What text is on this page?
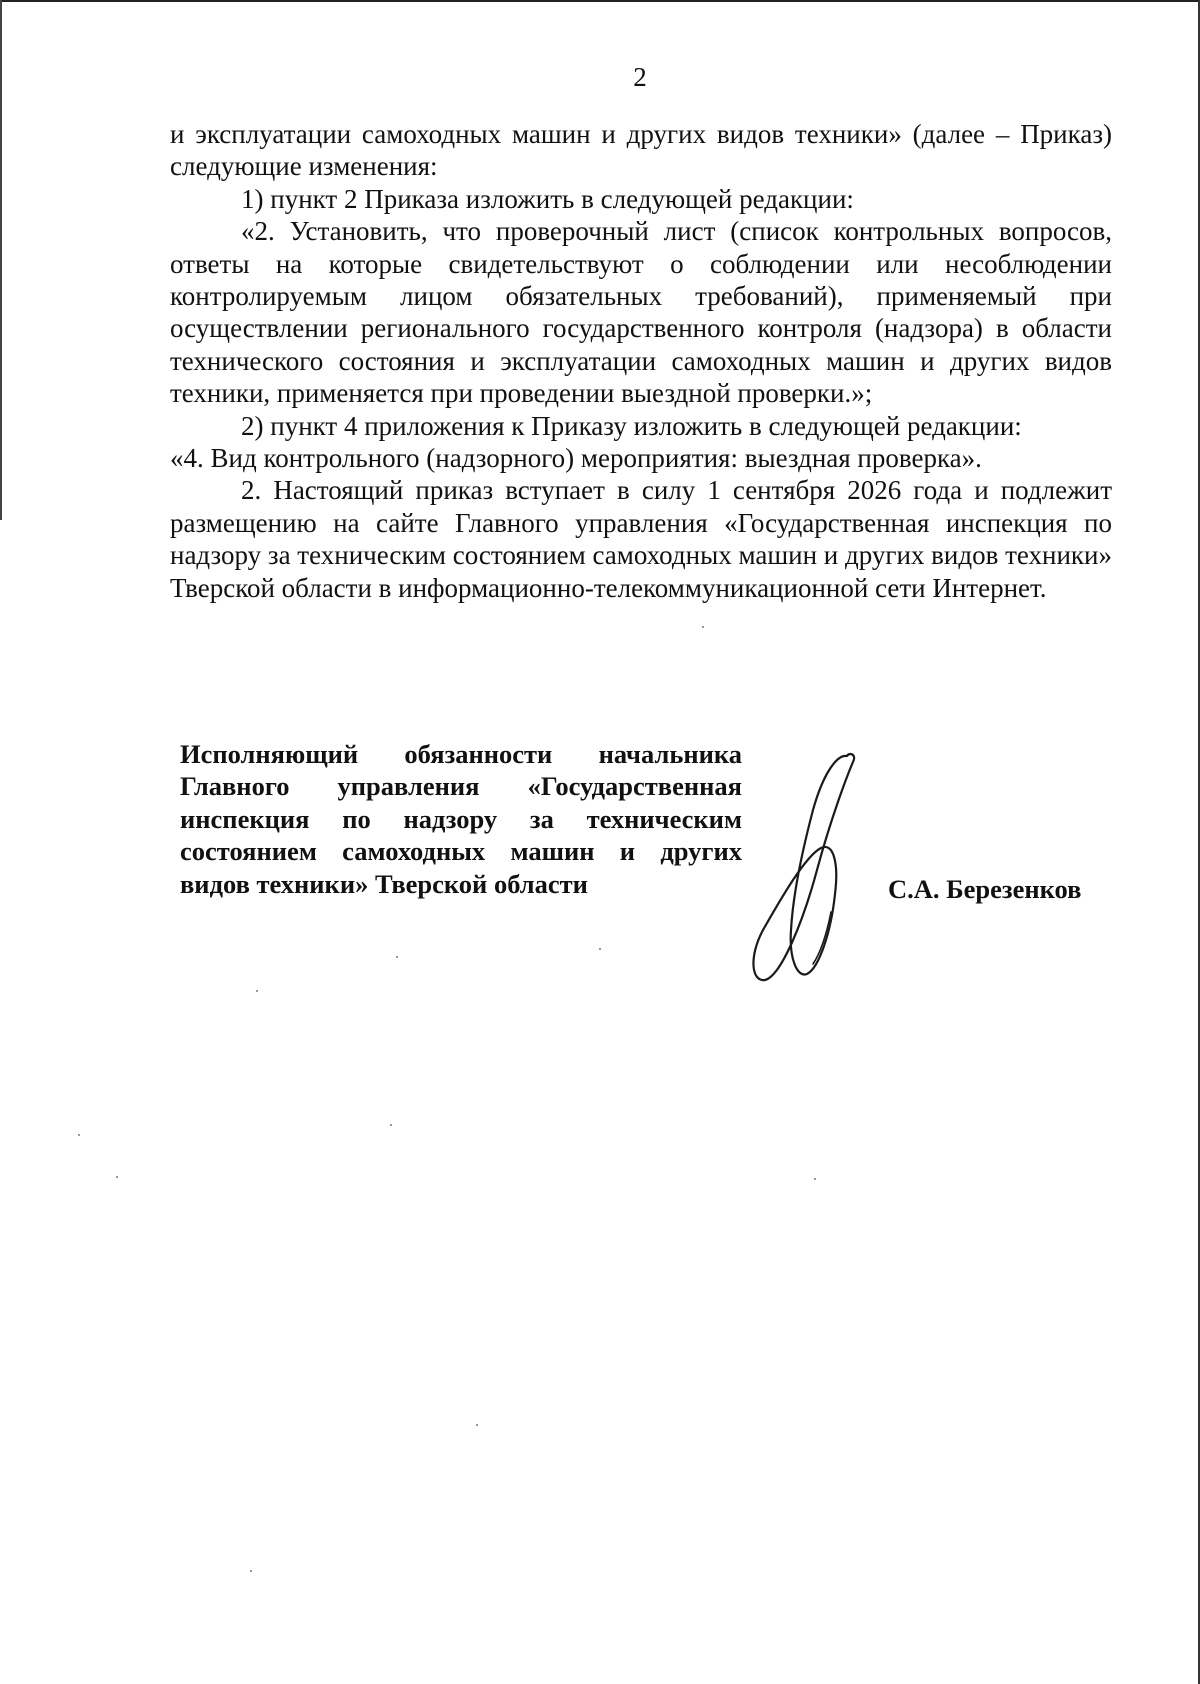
2

и эксплуатации самоходных машин и других видов техники» (далее – Приказ) следующие изменения:

1) пункт 2 Приказа изложить в следующей редакции:

«2. Установить, что проверочный лист (список контрольных вопросов, ответы на которые свидетельствуют о соблюдении или несоблюдении контролируемым лицом обязательных требований), применяемый при осуществлении регионального государственного контроля (надзора) в области технического состояния и эксплуатации самоходных машин и других видов техники, применяется при проведении выездной проверки.»;

2) пункт 4 приложения к Приказу изложить в следующей редакции:

«4. Вид контрольного (надзорного) мероприятия: выездная проверка».

2. Настоящий приказ вступает в силу 1 сентября 2026 года и подлежит размещению на сайте Главного управления «Государственная инспекция по надзору за техническим состоянием самоходных машин и других видов техники» Тверской области в информационно-телекоммуникационной сети Интернет.

Исполняющий обязанности начальника Главного управления «Государственная инспекция по надзору за техническим состоянием самоходных машин и других видов техники» Тверской области	С.А. Березенков
